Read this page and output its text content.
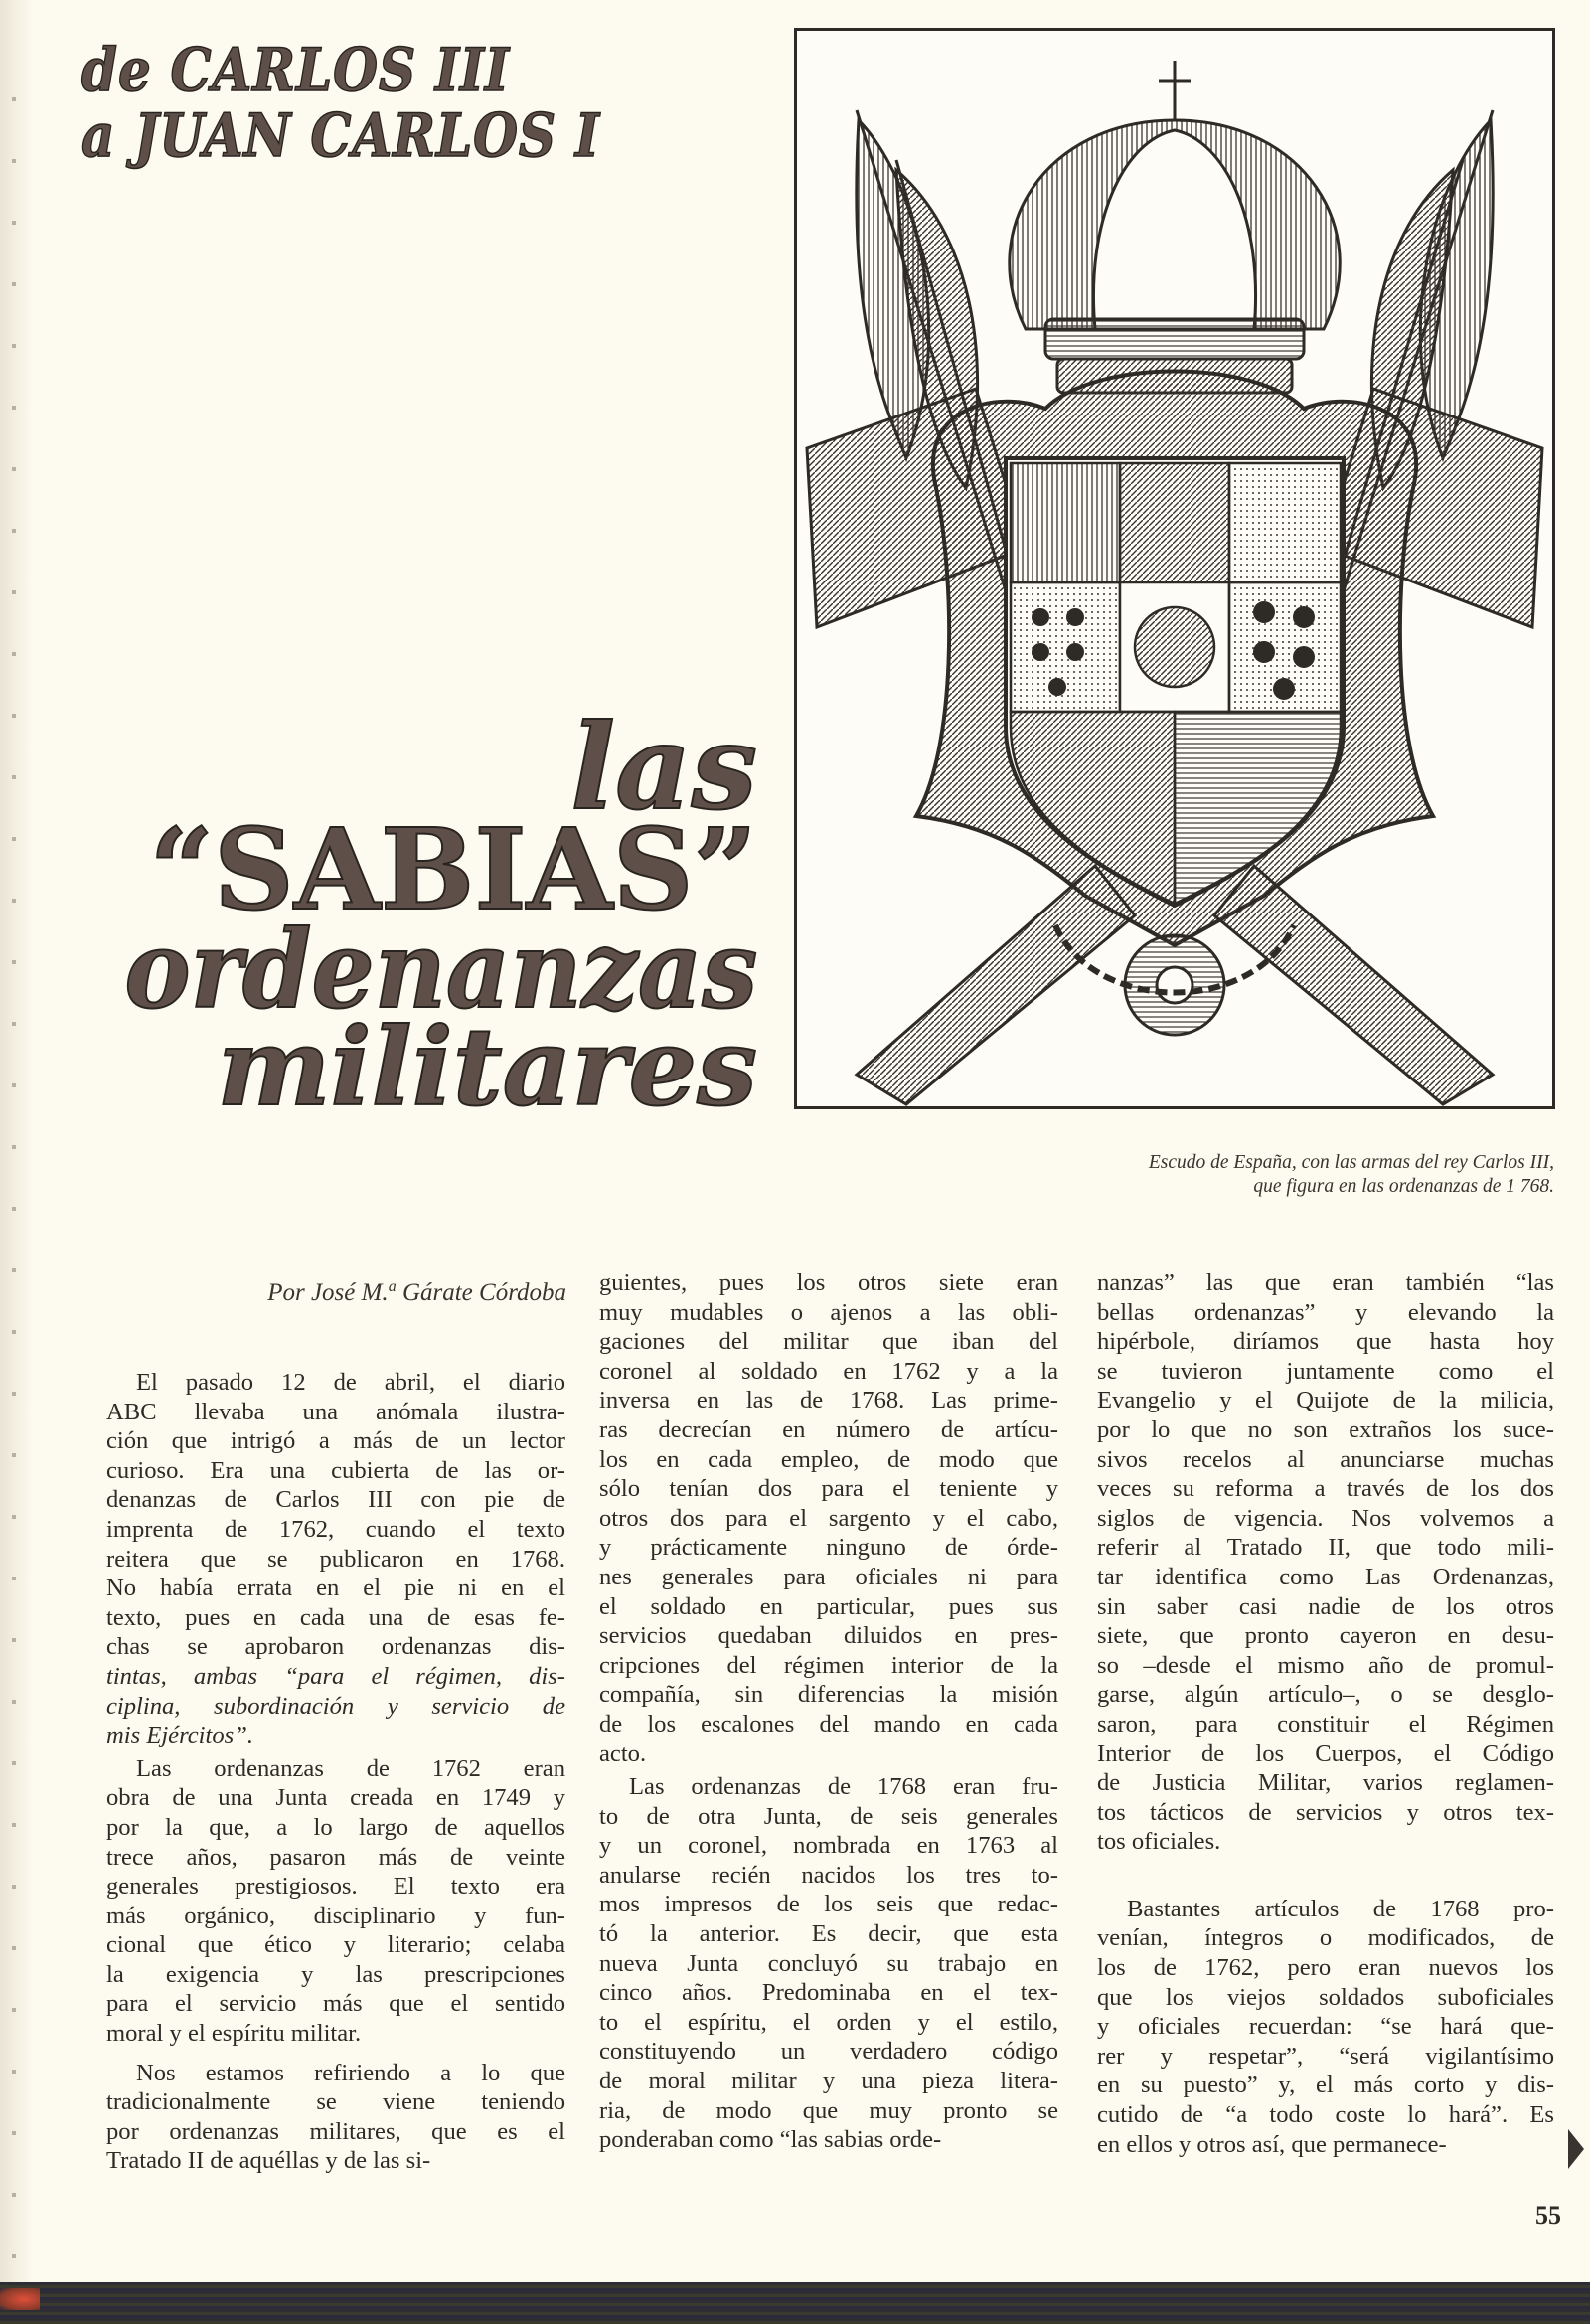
de CARLOS III
a JUAN CARLOS I
las
“SABIAS”
ordenanzas
militares
Escudo de España, con las armas del rey Carlos III,
que figura en las ordenanzas de 1 768.
Por José M.$^a$ Gárate Córdoba
El pasado 12 de abril, el diario
ABC llevaba una anómala ilustra-
ción que intrigó a más de un lector
curioso. Era una cubierta de las or-
denanzas de Carlos III con pie de
imprenta de 1762, cuando el texto
reitera que se publicaron en 1768.
No había errata en el pie ni en el
texto, pues en cada una de esas fe-
chas se aprobaron ordenanzas dis-
tintas, ambas “para el régimen, dis-
ciplina, subordinación y servicio de
mis Ejércitos”.
Las ordenanzas de 1762 eran
obra de una Junta creada en 1749 y
por la que, a lo largo de aquellos
trece años, pasaron más de veinte
generales prestigiosos. El texto era
más orgánico, disciplinario y fun-
cional que ético y literario; celaba
la exigencia y las prescripciones
para el servicio más que el sentido
moral y el espíritu militar.
Nos estamos refiriendo a lo que
tradicionalmente se viene teniendo
por ordenanzas militares, que es el
Tratado II de aquéllas y de las si-
guientes, pues los otros siete eran
muy mudables o ajenos a las obli-
gaciones del militar que iban del
coronel al soldado en 1762 y a la
inversa en las de 1768. Las prime-
ras decrecían en número de artícu-
los en cada empleo, de modo que
sólo tenían dos para el teniente y
otros dos para el sargento y el cabo,
y prácticamente ninguno de órde-
nes generales para oficiales ni para
el soldado en particular, pues sus
servicios quedaban diluidos en pres-
cripciones del régimen interior de la
compañía, sin diferencias la misión
de los escalones del mando en cada
acto.
Las ordenanzas de 1768 eran fru-
to de otra Junta, de seis generales
y un coronel, nombrada en 1763 al
anularse recién nacidos los tres to-
mos impresos de los seis que redac-
tó la anterior. Es decir, que esta
nueva Junta concluyó su trabajo en
cinco años. Predominaba en el tex-
to el espíritu, el orden y el estilo,
constituyendo un verdadero código
de moral militar y una pieza litera-
ria, de modo que muy pronto se
ponderaban como “las sabias orde-
nanzas” las que eran también “las
bellas ordenanzas” y elevando la
hipérbole, diríamos que hasta hoy
se tuvieron juntamente como el
Evangelio y el Quijote de la milicia,
por lo que no son extraños los suce-
sivos recelos al anunciarse muchas
veces su reforma a través de los dos
siglos de vigencia. Nos volvemos a
referir al Tratado II, que todo mili-
tar identifica como Las Ordenanzas,
sin saber casi nadie de los otros
siete, que pronto cayeron en desu-
so –desde el mismo año de promul-
garse, algún artículo–, o se desglo-
saron, para constituir el Régimen
Interior de los Cuerpos, el Código
de Justicia Militar, varios reglamen-
tos tácticos de servicios y otros tex-
tos oficiales.
Bastantes artículos de 1768 pro-
venían, íntegros o modificados, de
los de 1762, pero eran nuevos los
que los viejos soldados suboficiales
y oficiales recuerdan: “se hará que-
rer y respetar”, “será vigilantísimo
en su puesto” y, el más corto y dis-
cutido de “a todo coste lo hará”. Es
en ellos y otros así, que permanece-
55
